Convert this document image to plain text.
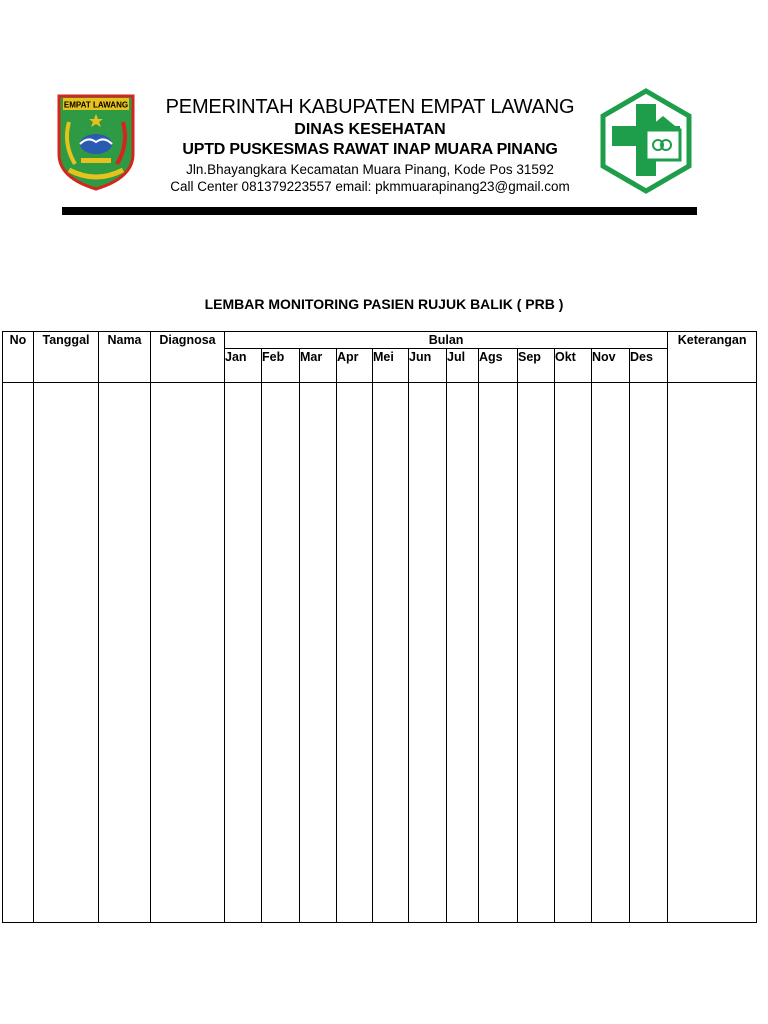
EMPAT LAWANG	PEMERINTAH KABUPATEN EMPAT LAWANG
DINAS KESEHATAN
UPTD PUSKESMAS RAWAT INAP MUARA PINANG
Jln.Bhayangkara Kecamatan Muara Pinang, Kode Pos 31592
Call Center 081379223557 email: pkmmuarapinang23@gmail.com
LEMBAR MONITORING PASIEN RUJUK BALIK ( PRB )
No	Tanggal	Nama	Diagnosa	Bulan												Keterangan
				Jan	Feb	Mar	Apr	Mei	Jun	Jul	Ags	Sep	Okt	Nov	Des	
